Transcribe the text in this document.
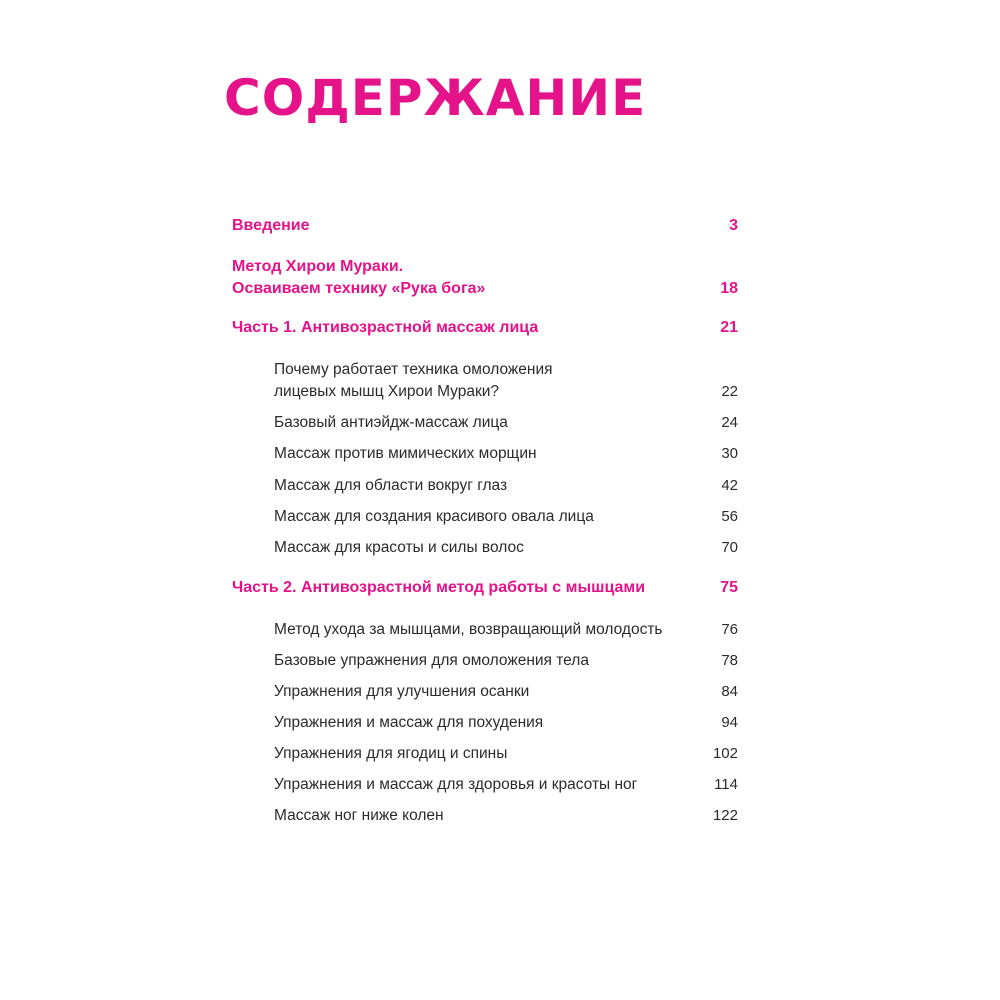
СОДЕРЖАНИЕ
Введение	3
Метод Хирои Мураки.
Осваиваем технику «Рука бога»	18
Часть 1. Антивозрастной массаж лица	21
Почему работает техника омоложения
лицевых мышц Хирои Мураки?	22
Базовый антиэйдж-массаж лица	24
Массаж против мимических морщин	30
Массаж для области вокруг глаз	42
Массаж для создания красивого овала лица	56
Массаж для красоты и силы волос	70
Часть 2. Антивозрастной метод работы с мышцами	75
Метод ухода за мышцами, возвращающий молодость	76
Базовые упражнения для омоложения тела	78
Упражнения для улучшения осанки	84
Упражнения и массаж для похудения	94
Упражнения для ягодиц и спины	102
Упражнения и массаж для здоровья и красоты ног	114
Массаж ног ниже колен	122
